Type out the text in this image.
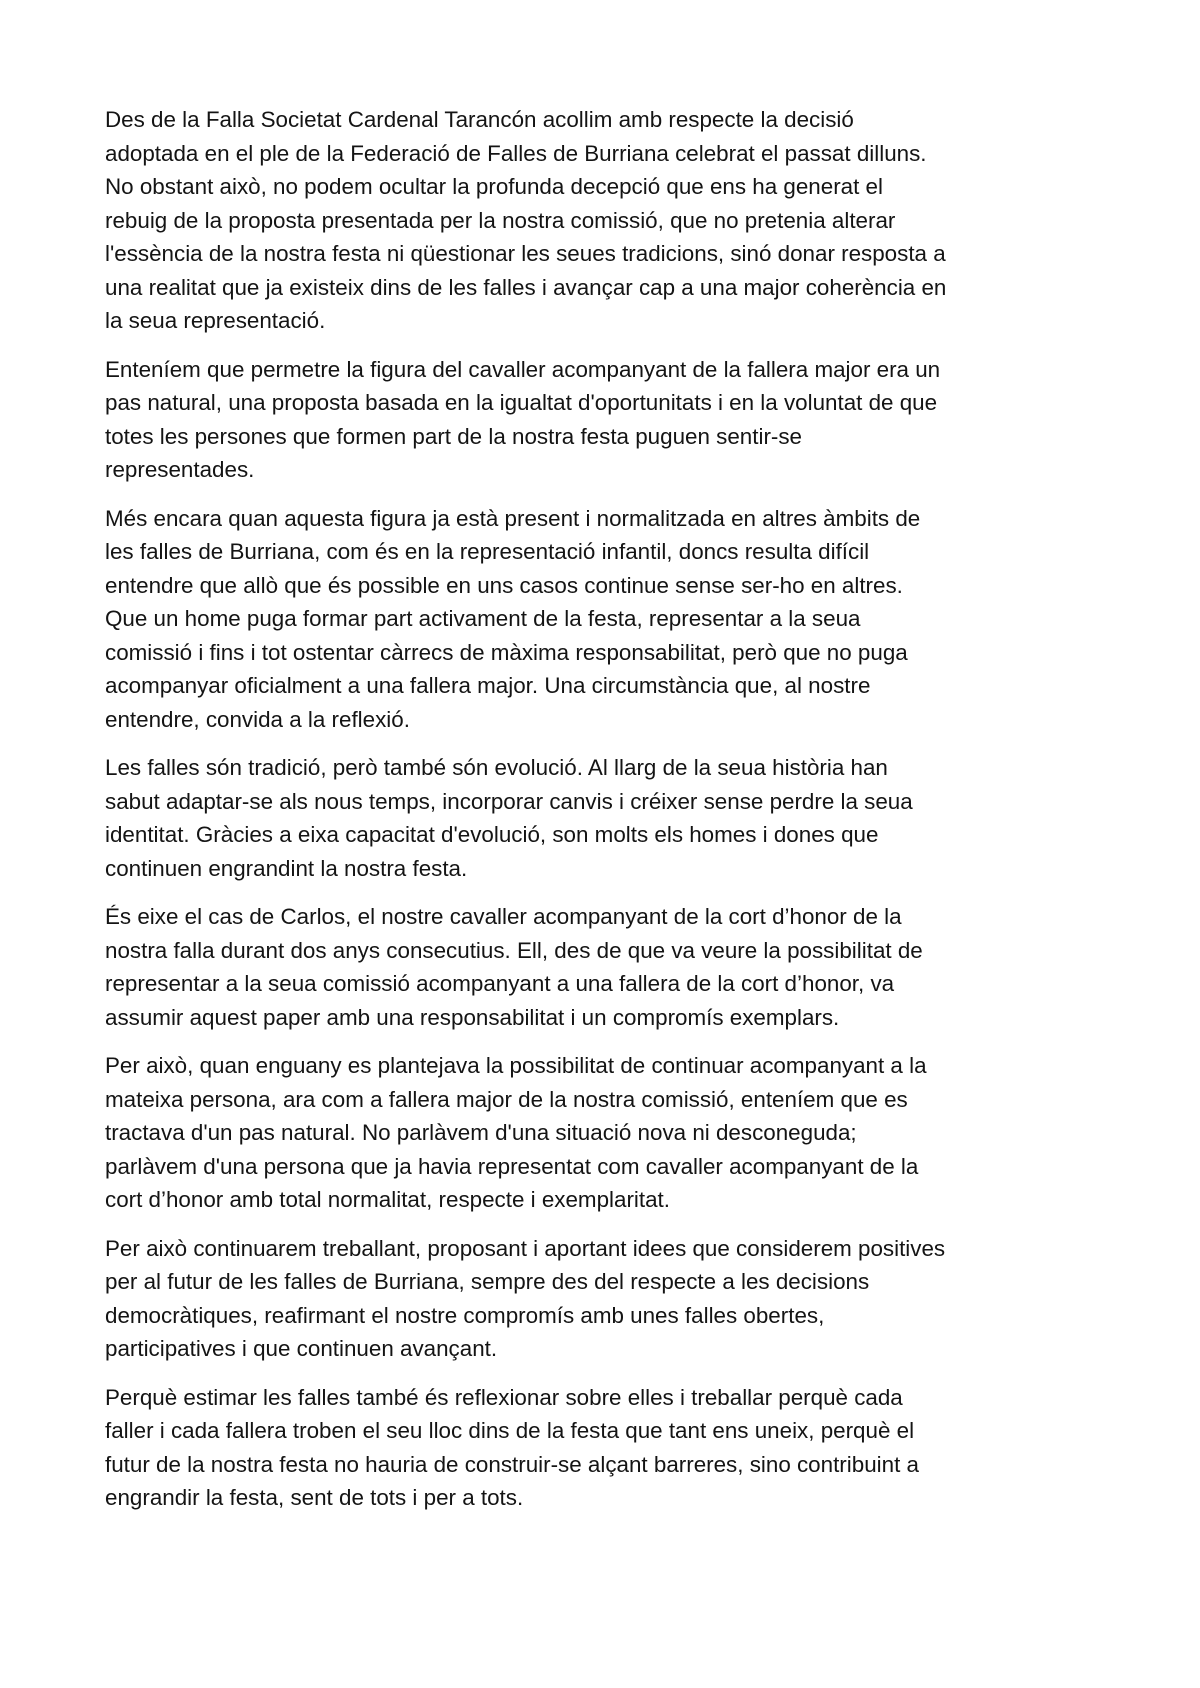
Des de la Falla Societat Cardenal Tarancón acollim amb respecte la decisió
adoptada en el ple de la Federació de Falles de Burriana celebrat el passat dilluns.
No obstant això, no podem ocultar la profunda decepció que ens ha generat el
rebuig de la proposta presentada per la nostra comissió, que no pretenia alterar
l'essència de la nostra festa ni qüestionar les seues tradicions, sinó donar resposta a
una realitat que ja existeix dins de les falles i avançar cap a una major coherència en
la seua representació.

Enteníem que permetre la figura del cavaller acompanyant de la fallera major era un
pas natural, una proposta basada en la igualtat d'oportunitats i en la voluntat de que
totes les persones que formen part de la nostra festa puguen sentir-se
representades.

Més encara quan aquesta figura ja està present i normalitzada en altres àmbits de
les falles de Burriana, com és en la representació infantil, doncs resulta difícil
entendre que allò que és possible en uns casos continue sense ser-ho en altres.
Que un home puga formar part activament de la festa, representar a la seua
comissió i fins i tot ostentar càrrecs de màxima responsabilitat, però que no puga
acompanyar oficialment a una fallera major. Una circumstància que, al nostre
entendre, convida a la reflexió.

Les falles són tradició, però també són evolució. Al llarg de la seua història han
sabut adaptar-se als nous temps, incorporar canvis i créixer sense perdre la seua
identitat. Gràcies a eixa capacitat d'evolució, son molts els homes i dones que
continuen engrandint la nostra festa.

És eixe el cas de Carlos, el nostre cavaller acompanyant de la cort d’honor de la
nostra falla durant dos anys consecutius. Ell, des de que va veure la possibilitat de
representar a la seua comissió acompanyant a una fallera de la cort d’honor, va
assumir aquest paper amb una responsabilitat i un compromís exemplars.

Per això, quan enguany es plantejava la possibilitat de continuar acompanyant a la
mateixa persona, ara com a fallera major de la nostra comissió, enteníem que es
tractava d'un pas natural. No parlàvem d'una situació nova ni desconeguda;
parlàvem d'una persona que ja havia representat com cavaller acompanyant de la
cort d’honor amb total normalitat, respecte i exemplaritat.

Per això continuarem treballant, proposant i aportant idees que considerem positives
per al futur de les falles de Burriana, sempre des del respecte a les decisions
democràtiques, reafirmant el nostre compromís amb unes falles obertes,
participatives i que continuen avançant.

Perquè estimar les falles també és reflexionar sobre elles i treballar perquè cada
faller i cada fallera troben el seu lloc dins de la festa que tant ens uneix, perquè el
futur de la nostra festa no hauria de construir-se alçant barreres, sino contribuint a
engrandir la festa, sent de tots i per a tots.
